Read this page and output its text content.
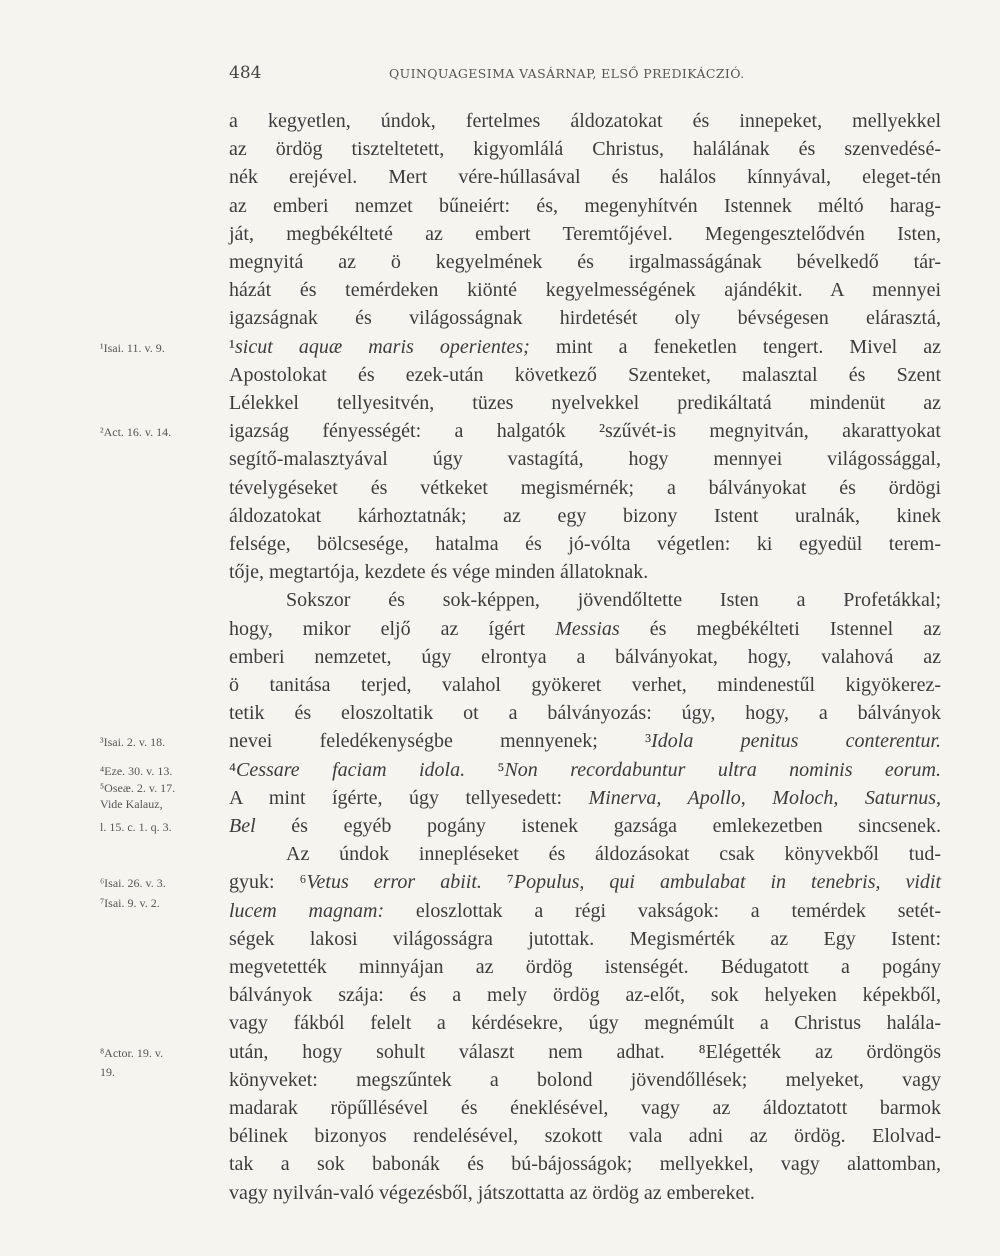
484	QUINQUAGESIMA VASÁRNAP, ELSŐ PREDIKÁCZIÓ.
¹Isai. 11. v. 9.
²Act. 16. v. 14.
³Isai. 2. v. 18.
⁴Eze. 30. v. 13.
⁵Oseæ. 2. v. 17.
Vide Kalauz,
l. 15. c. 1. q. 3.
⁶Isai. 26. v. 3.
⁷Isai. 9. v. 2.
⁸Actor. 19. v.
19.
a kegyetlen, úndok, fertelmes áldozatokat és innepeket, mellyekkel
az ördög tiszteltetett, kigyomlálá Christus, halálának és szenvedésé-
nék erejével. Mert vére-húllasával és halálos kínnyával, eleget-tén
az emberi nemzet bűneiért: és, megenyhítvén Istennek méltó harag-
ját, megbékélteté az embert Teremtőjével. Megengesztelődvén Isten,
megnyitá az ö kegyelmének és irgalmasságának bévelkedő tár-
házát és temérdeken kiönté kegyelmességének ajándékit. A mennyei
igazságnak és világosságnak hirdetését oly bévségesen elárasztá,
¹sicut aquæ maris operientes; mint a feneketlen tengert. Mivel az
Apostolokat és ezek-után következő Szenteket, malasztal és Szent
Lélekkel tellyesitvén, tüzes nyelvekkel predikáltatá mindenüt az
igazság fényességét: a halgatók ²szűvét-is megnyitván, akarattyokat
segítő-malasztyával úgy vastagítá, hogy mennyei világossággal,
tévelygéseket és vétkeket megismérnék; a bálványokat és ördögi
áldozatokat kárhoztatnák; az egy bizony Istent uralnák, kinek
felsége, bölcsesége, hatalma és jó-vólta végetlen: ki egyedül terem-
tője, megtartója, kezdete és vége minden állatoknak.
Sokszor és sok-képpen, jövendőltette Isten a Profetákkal;
hogy, mikor eljő az ígért Messias és megbékélteti Istennel az
emberi nemzetet, úgy elrontya a bálványokat, hogy, valahová az
ö tanitása terjed, valahol gyökeret verhet, mindenestűl kigyökerez-
tetik és eloszoltatik ot a bálványozás: úgy, hogy, a bálványok
nevei feledékenységbe mennyenek; ³Idola penitus conterentur.
⁴Cessare faciam idola. ⁵Non recordabuntur ultra nominis eorum.
A mint ígérte, úgy tellyesedett: Minerva, Apollo, Moloch, Saturnus,
Bel és egyéb pogány istenek gazsága emlekezetben sincsenek.
Az úndok innepléseket és áldozásokat csak könyvekből tud-
gyuk: ⁶Vetus error abiit. ⁷Populus, qui ambulabat in tenebris, vidit
lucem magnam: eloszlottak a régi vakságok: a temérdek setét-
ségek lakosi világosságra jutottak. Megismérték az Egy Istent:
megvetették minnyájan az ördög istenségét. Bédugatott a pogány
bálványok szája: és a mely ördög az-előt, sok helyeken képekből,
vagy fákból felelt a kérdésekre, úgy megnémúlt a Christus halála-
után, hogy sohult választ nem adhat. ⁸Elégették az ördöngös
könyveket: megszűntek a bolond jövendőllések; melyeket, vagy
madarak röpűllésével és éneklésével, vagy az áldoztatott barmok
bélinek bizonyos rendelésével, szokott vala adni az ördög. Elolvad-
tak a sok babonák és bú-bájosságok; mellyekkel, vagy alattomban,
vagy nyilván-való végezésből, játszottatta az ördög az embereket.
